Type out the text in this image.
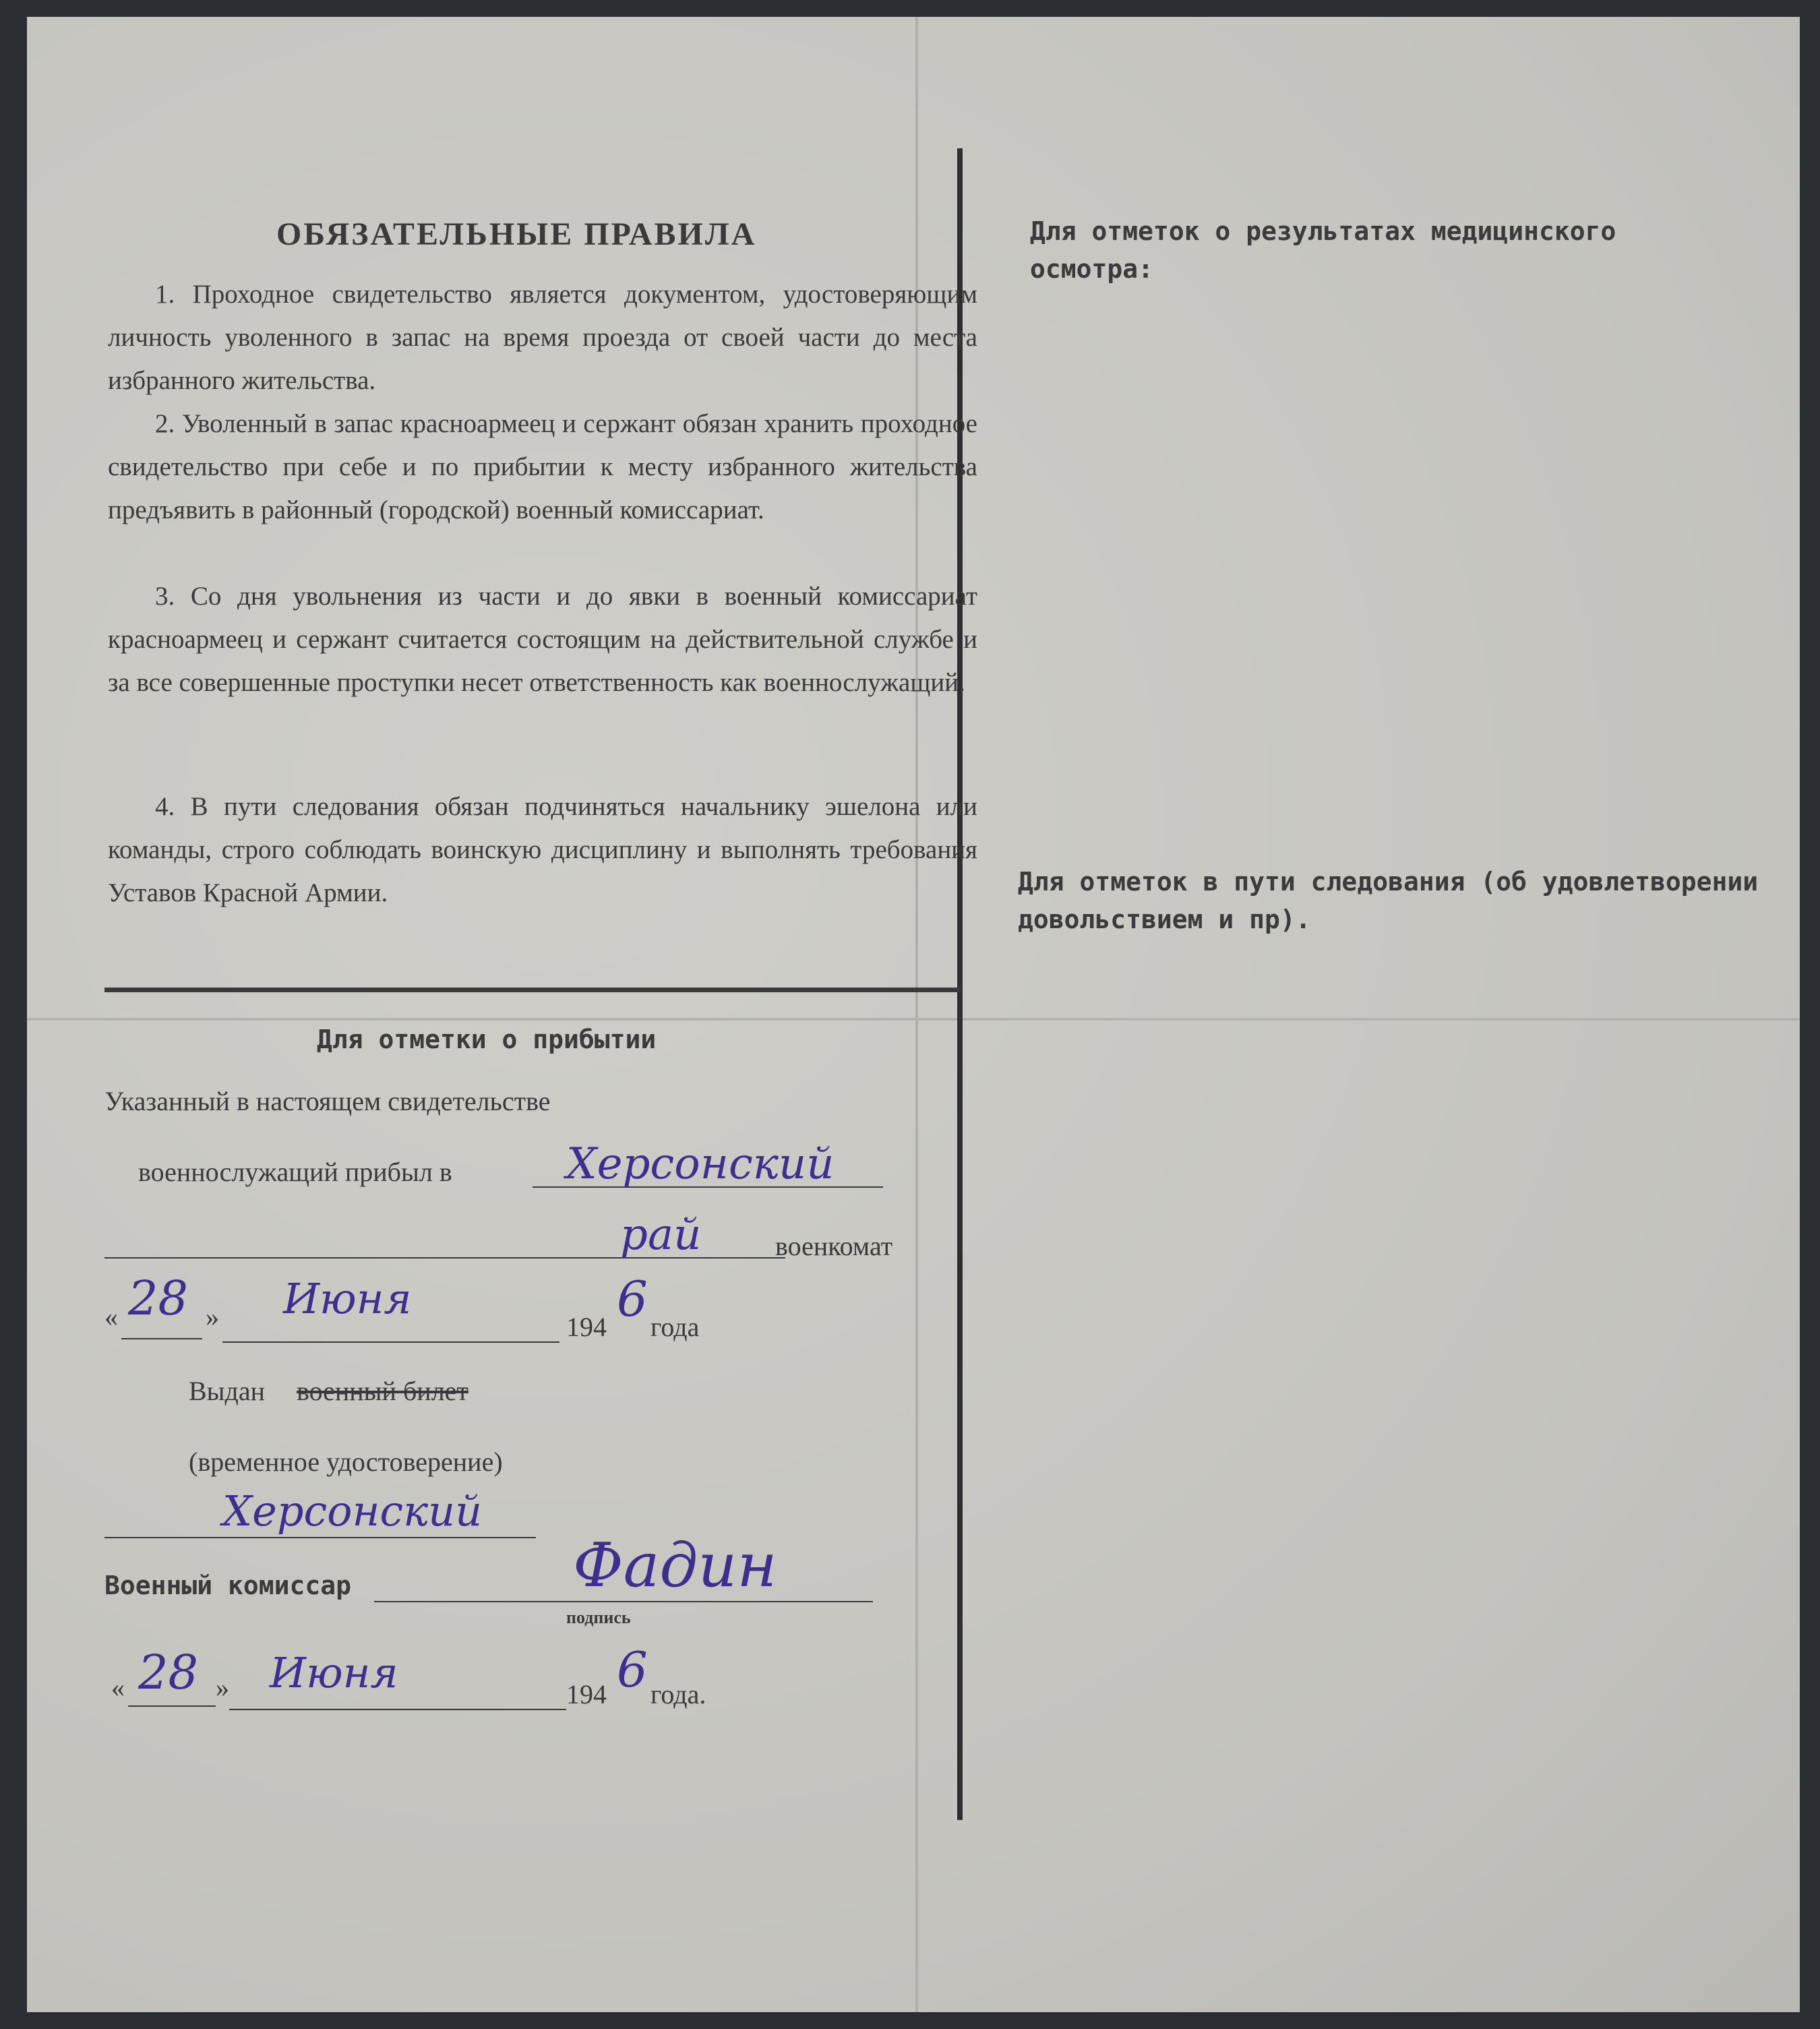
ОБЯЗАТЕЛЬНЫЕ ПРАВИЛА
1. Проходное свидетельство является документом, удостоверяющим личность уволенного в запас на время проезда от своей части до места избранного жительства.
2. Уволенный в запас красноармеец и сержант обязан хранить проходное свидетельство при себе и по прибытии к месту избранного жительства предъявить в районный (городской) военный комиссариат.
3. Со дня увольнения из части и до явки в военный комиссариат красноармеец и сержант считается состоящим на действительной службе и за все совершенные проступки несет ответственность как военнослужащий.
4. В пути следования обязан подчиняться начальнику эшелона или команды, строго соблюдать воинскую дисциплину и выполнять требования Уставов Красной Армии.
Для отметок о результатах медицинского осмотра:
Для отметок в пути следования (об удовлетворении довольствием и пр).
Для отметки о прибытии
Указанный в настоящем свидетельстве
военнослужащий прибыл в	Херсонский
рай	военкомат
« 28 » Июня
194 6 года
Выдан военный билет
(временное удостоверение)
Херсонский
Военный комиссар	Фадин
подпись
« 28 » Июня	194 6 года.
